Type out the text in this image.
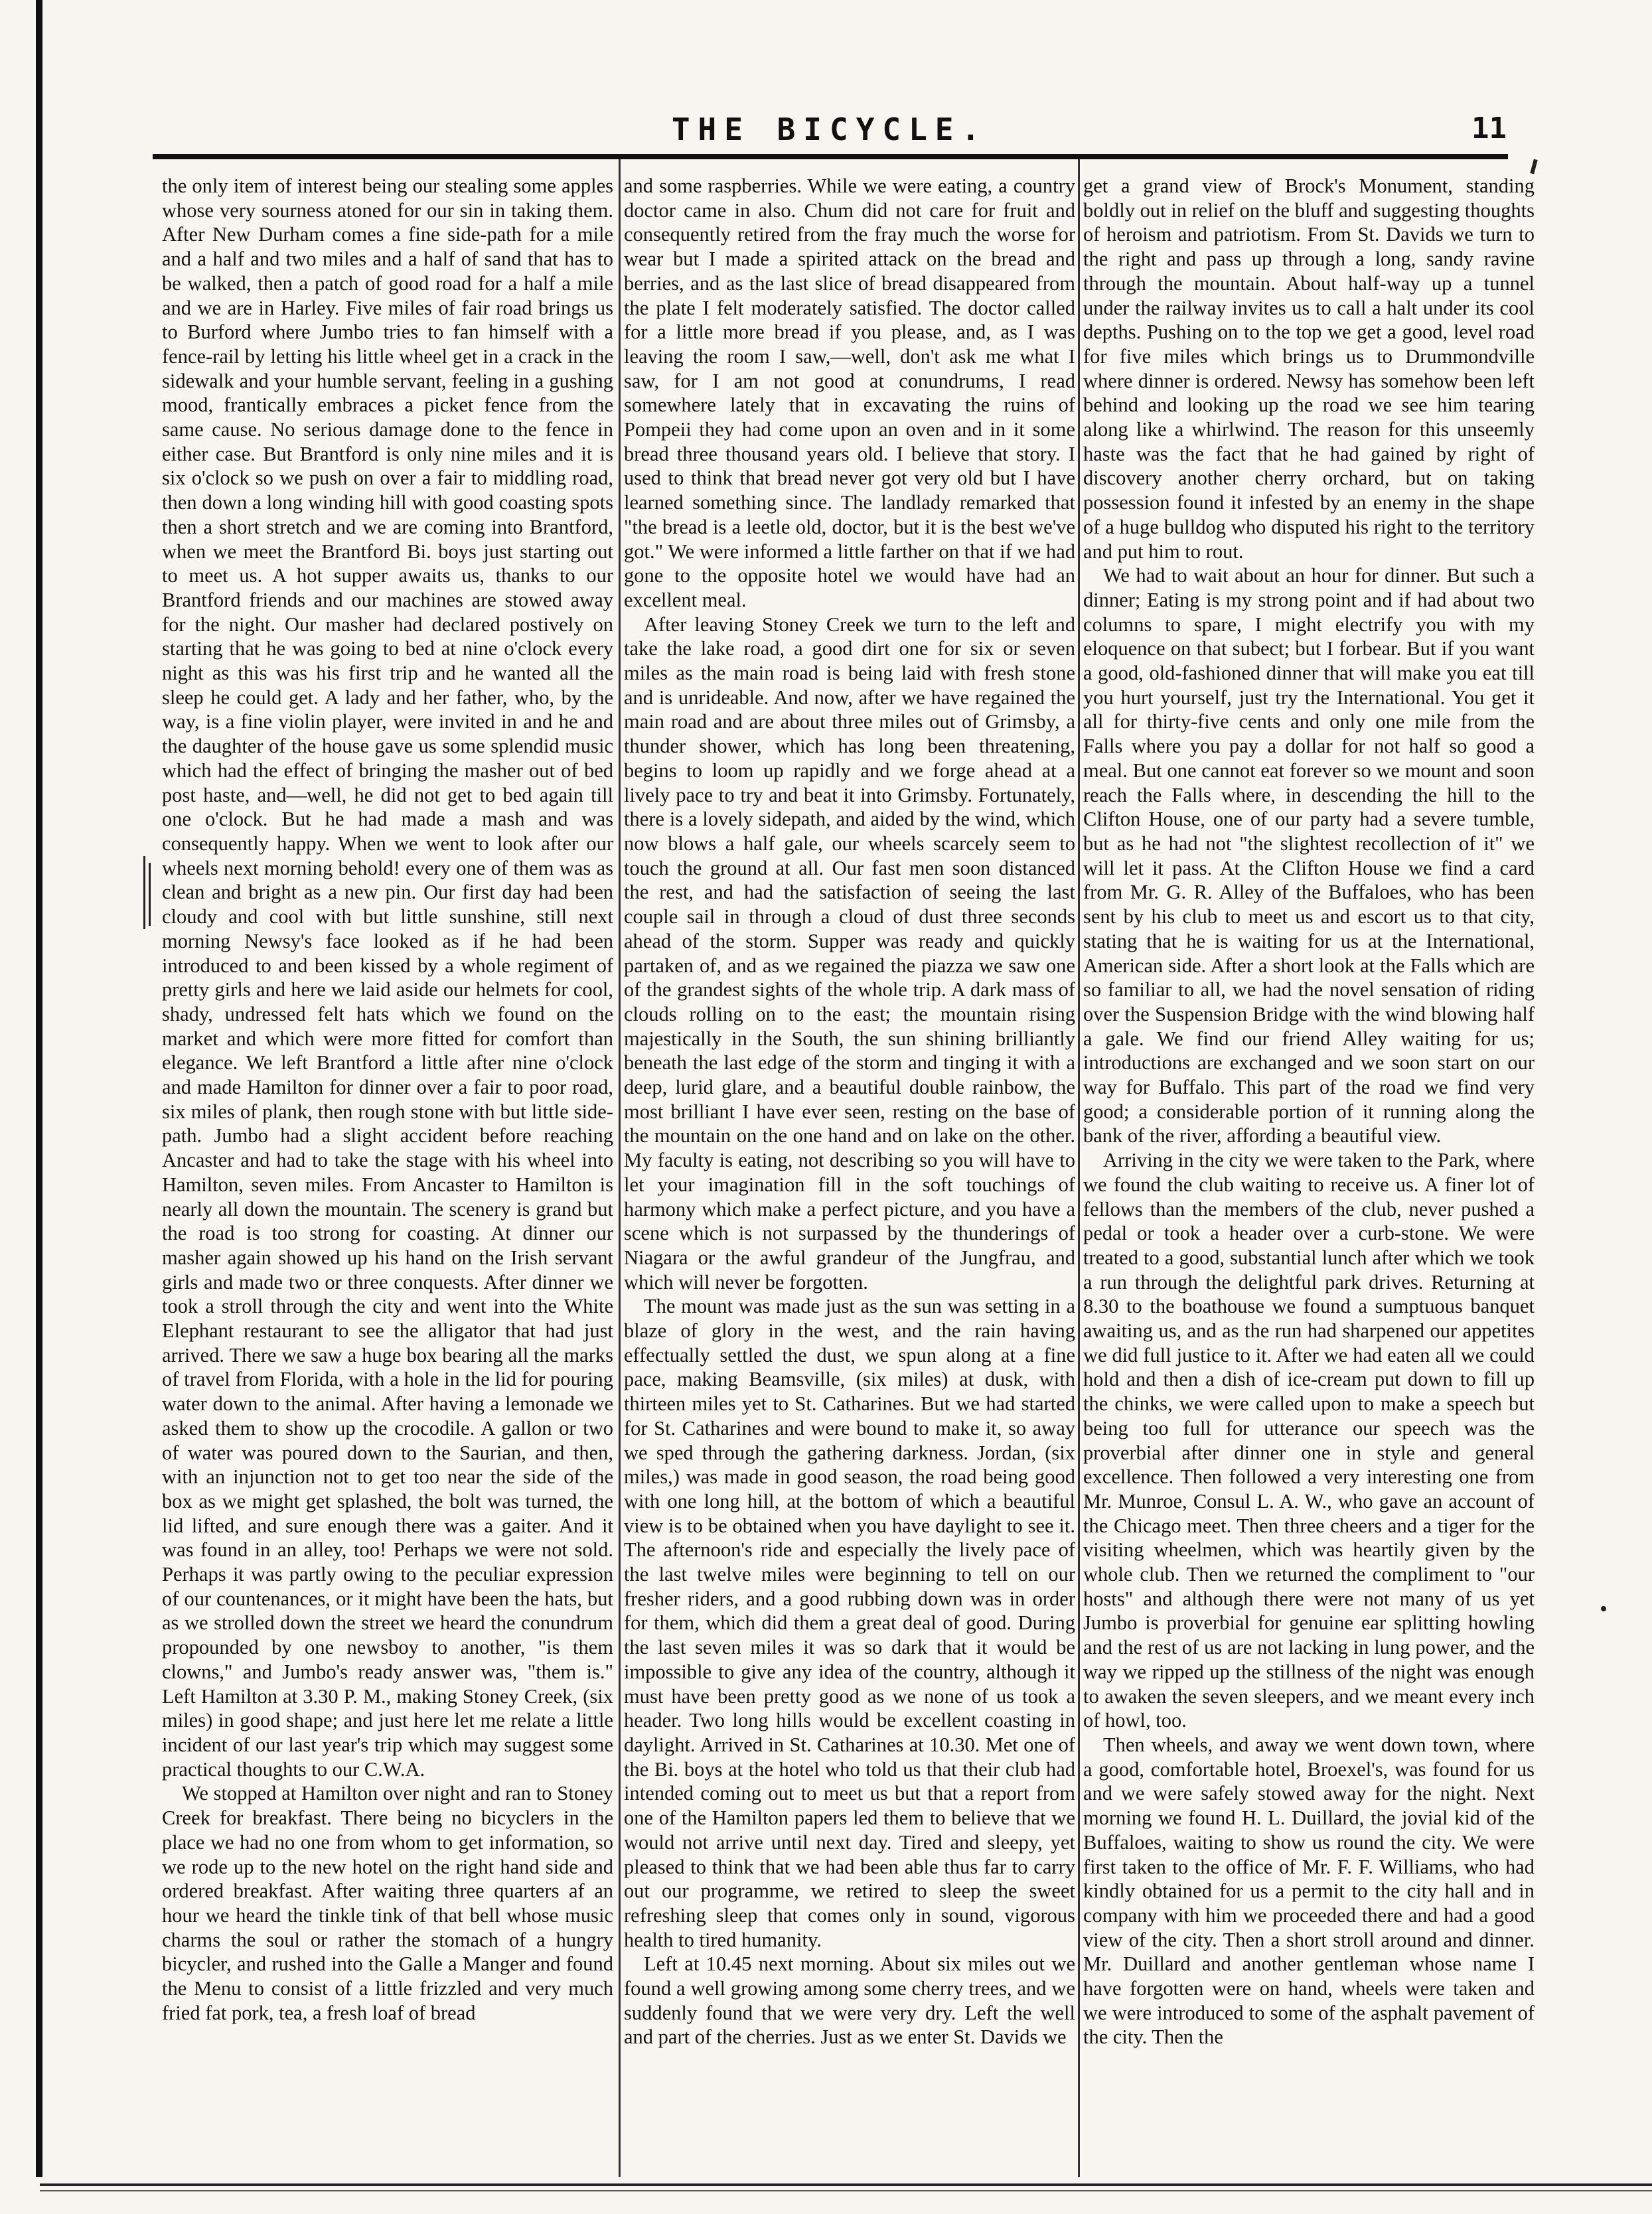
THE BICYCLE.	11

the only item of interest being our stealing some apples whose very sourness atoned for our sin in taking them. After New Durham comes a fine side-path for a mile and a half and two miles and a half of sand that has to be walked, then a patch of good road for a half a mile and we are in Harley. Five miles of fair road brings us to Burford where Jumbo tries to fan himself with a fence-rail by letting his little wheel get in a crack in the sidewalk and your humble servant, feeling in a gushing mood, frantically embraces a picket fence from the same cause. No serious damage done to the fence in either case. But Brantford is only nine miles and it is six o'clock so we push on over a fair to middling road, then down a long winding hill with good coasting spots then a short stretch and we are coming into Brantford, when we meet the Brantford Bi. boys just starting out to meet us. A hot supper awaits us, thanks to our Brantford friends and our machines are stowed away for the night. Our masher had declared postively on starting that he was going to bed at nine o'clock every night as this was his first trip and he wanted all the sleep he could get. A lady and her father, who, by the way, is a fine violin player, were invited in and he and the daughter of the house gave us some splendid music which had the effect of bringing the masher out of bed post haste, and—well, he did not get to bed again till one o'clock. But he had made a mash and was consequently happy. When we went to look after our wheels next morning behold! every one of them was as clean and bright as a new pin. Our first day had been cloudy and cool with but little sunshine, still next morning Newsy's face looked as if he had been introduced to and been kissed by a whole regiment of pretty girls and here we laid aside our helmets for cool, shady, undressed felt hats which we found on the market and which were more fitted for comfort than elegance. We left Brantford a little after nine o'clock and made Hamilton for dinner over a fair to poor road, six miles of plank, then rough stone with but little side-path. Jumbo had a slight accident before reaching Ancaster and had to take the stage with his wheel into Hamilton, seven miles. From Ancaster to Hamilton is nearly all down the mountain. The scenery is grand but the road is too strong for coasting. At dinner our masher again showed up his hand on the Irish servant girls and made two or three conquests. After dinner we took a stroll through the city and went into the White Elephant restaurant to see the alligator that had just arrived. There we saw a huge box bearing all the marks of travel from Florida, with a hole in the lid for pouring water down to the animal. After having a lemonade we asked them to show up the crocodile. A gallon or two of water was poured down to the Saurian, and then, with an injunction not to get too near the side of the box as we might get splashed, the bolt was turned, the lid lifted, and sure enough there was a gaiter. And it was found in an alley, too! Perhaps we were not sold. Perhaps it was partly owing to the peculiar expression of our countenances, or it might have been the hats, but as we strolled down the street we heard the conundrum propounded by one newsboy to another, "is them clowns," and Jumbo's ready answer was, "them is." Left Hamilton at 3.30 P. M., making Stoney Creek, (six miles) in good shape; and just here let me relate a little incident of our last year's trip which may suggest some practical thoughts to our C.W.A.

We stopped at Hamilton over night and ran to Stoney Creek for breakfast. There being no bicyclers in the place we had no one from whom to get information, so we rode up to the new hotel on the right hand side and ordered breakfast. After waiting three quarters af an hour we heard the tinkle tink of that bell whose music charms the soul or rather the stomach of a hungry bicycler, and rushed into the Galle a Manger and found the Menu to consist of a little frizzled and very much fried fat pork, tea, a fresh loaf of bread

and some raspberries. While we were eating, a country doctor came in also. Chum did not care for fruit and consequently retired from the fray much the worse for wear but I made a spirited attack on the bread and berries, and as the last slice of bread disappeared from the plate I felt moderately satisfied. The doctor called for a little more bread if you please, and, as I was leaving the room I saw,—well, don't ask me what I saw, for I am not good at conundrums, I read somewhere lately that in excavating the ruins of Pompeii they had come upon an oven and in it some bread three thousand years old. I believe that story. I used to think that bread never got very old but I have learned something since. The landlady remarked that "the bread is a leetle old, doctor, but it is the best we've got." We were informed a little farther on that if we had gone to the opposite hotel we would have had an excellent meal.

After leaving Stoney Creek we turn to the left and take the lake road, a good dirt one for six or seven miles as the main road is being laid with fresh stone and is unrideable. And now, after we have regained the main road and are about three miles out of Grimsby, a thunder shower, which has long been threatening, begins to loom up rapidly and we forge ahead at a lively pace to try and beat it into Grimsby. Fortunately, there is a lovely sidepath, and aided by the wind, which now blows a half gale, our wheels scarcely seem to touch the ground at all. Our fast men soon distanced the rest, and had the satisfaction of seeing the last couple sail in through a cloud of dust three seconds ahead of the storm. Supper was ready and quickly partaken of, and as we regained the piazza we saw one of the grandest sights of the whole trip. A dark mass of clouds rolling on to the east; the mountain rising majestically in the South, the sun shining brilliantly beneath the last edge of the storm and tinging it with a deep, lurid glare, and a beautiful double rainbow, the most brilliant I have ever seen, resting on the base of the mountain on the one hand and on lake on the other. My faculty is eating, not describing so you will have to let your imagination fill in the soft touchings of harmony which make a perfect picture, and you have a scene which is not surpassed by the thunderings of Niagara or the awful grandeur of the Jungfrau, and which will never be forgotten.

The mount was made just as the sun was setting in a blaze of glory in the west, and the rain having effectually settled the dust, we spun along at a fine pace, making Beamsville, (six miles) at dusk, with thirteen miles yet to St. Catharines. But we had started for St. Catharines and were bound to make it, so away we sped through the gathering darkness. Jordan, (six miles,) was made in good season, the road being good with one long hill, at the bottom of which a beautiful view is to be obtained when you have daylight to see it. The afternoon's ride and especially the lively pace of the last twelve miles were beginning to tell on our fresher riders, and a good rubbing down was in order for them, which did them a great deal of good. During the last seven miles it was so dark that it would be impossible to give any idea of the country, although it must have been pretty good as we none of us took a header. Two long hills would be excellent coasting in daylight. Arrived in St. Catharines at 10.30. Met one of the Bi. boys at the hotel who told us that their club had intended coming out to meet us but that a report from one of the Hamilton papers led them to believe that we would not arrive until next day. Tired and sleepy, yet pleased to think that we had been able thus far to carry out our programme, we retired to sleep the sweet refreshing sleep that comes only in sound, vigorous health to tired humanity.

Left at 10.45 next morning. About six miles out we found a well growing among some cherry trees, and we suddenly found that we were very dry. Left the well and part of the cherries. Just as we enter St. Davids we

get a grand view of Brock's Monument, standing boldly out in relief on the bluff and suggesting thoughts of heroism and patriotism. From St. Davids we turn to the right and pass up through a long, sandy ravine through the mountain. About half-way up a tunnel under the railway invites us to call a halt under its cool depths. Pushing on to the top we get a good, level road for five miles which brings us to Drummondville where dinner is ordered. Newsy has somehow been left behind and looking up the road we see him tearing along like a whirlwind. The reason for this unseemly haste was the fact that he had gained by right of discovery another cherry orchard, but on taking possession found it infested by an enemy in the shape of a huge bulldog who disputed his right to the territory and put him to rout.

We had to wait about an hour for dinner. But such a dinner; Eating is my strong point and if had about two columns to spare, I might electrify you with my eloquence on that subect; but I forbear. But if you want a good, old-fashioned dinner that will make you eat till you hurt yourself, just try the International. You get it all for thirty-five cents and only one mile from the Falls where you pay a dollar for not half so good a meal. But one cannot eat forever so we mount and soon reach the Falls where, in descending the hill to the Clifton House, one of our party had a severe tumble, but as he had not "the slightest recollection of it" we will let it pass. At the Clifton House we find a card from Mr. G. R. Alley of the Buffaloes, who has been sent by his club to meet us and escort us to that city, stating that he is waiting for us at the International, American side. After a short look at the Falls which are so familiar to all, we had the novel sensation of riding over the Suspension Bridge with the wind blowing half a gale. We find our friend Alley waiting for us; introductions are exchanged and we soon start on our way for Buffalo. This part of the road we find very good; a considerable portion of it running along the bank of the river, affording a beautiful view.

Arriving in the city we were taken to the Park, where we found the club waiting to receive us. A finer lot of fellows than the members of the club, never pushed a pedal or took a header over a curb-stone. We were treated to a good, substantial lunch after which we took a run through the delightful park drives. Returning at 8.30 to the boathouse we found a sumptuous banquet awaiting us, and as the run had sharpened our appetites we did full justice to it. After we had eaten all we could hold and then a dish of ice-cream put down to fill up the chinks, we were called upon to make a speech but being too full for utterance our speech was the proverbial after dinner one in style and general excellence. Then followed a very interesting one from Mr. Munroe, Consul L. A. W., who gave an account of the Chicago meet. Then three cheers and a tiger for the visiting wheelmen, which was heartily given by the whole club. Then we returned the compliment to "our hosts" and although there were not many of us yet Jumbo is proverbial for genuine ear splitting howling and the rest of us are not lacking in lung power, and the way we ripped up the stillness of the night was enough to awaken the seven sleepers, and we meant every inch of howl, too.

Then wheels, and away we went down town, where a good, comfortable hotel, Broexel's, was found for us and we were safely stowed away for the night. Next morning we found H. L. Duillard, the jovial kid of the Buffaloes, waiting to show us round the city. We were first taken to the office of Mr. F. F. Williams, who had kindly obtained for us a permit to the city hall and in company with him we proceeded there and had a good view of the city. Then a short stroll around and dinner. Mr. Duillard and another gentleman whose name I have forgotten were on hand, wheels were taken and we were introduced to some of the asphalt pavement of the city. Then the
